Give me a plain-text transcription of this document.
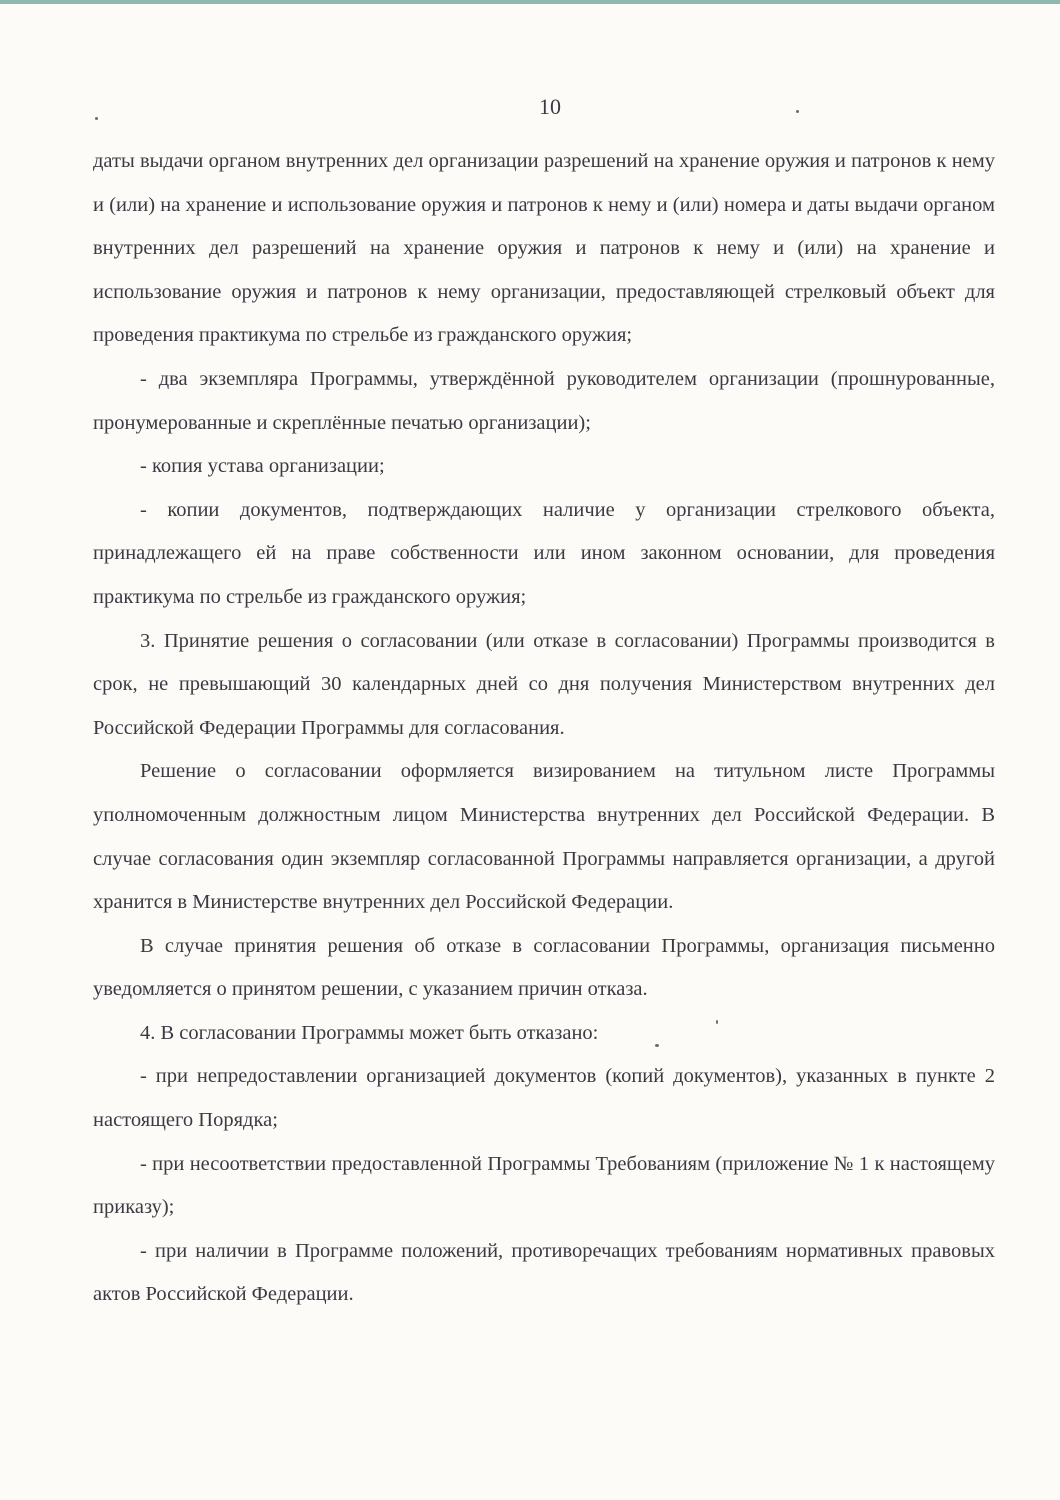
10

даты выдачи органом внутренних дел организации разрешений на хранение оружия и патронов к нему и (или) на хранение и использование оружия и патронов к нему и (или) номера и даты выдачи органом внутренних дел разрешений на хранение оружия и патронов к нему и (или) на хранение и использование оружия и патронов к нему организации, предоставляющей стрелковый объект для проведения практикума по стрельбе из гражданского оружия;

- два экземпляра Программы, утверждённой руководителем организации (прошнурованные, пронумерованные и скреплённые печатью организации);

- копия устава организации;

- копии документов, подтверждающих наличие у организации стрелкового объекта, принадлежащего ей на праве собственности или ином законном основании, для проведения практикума по стрельбе из гражданского оружия;

3. Принятие решения о согласовании (или отказе в согласовании) Программы производится в срок, не превышающий 30 календарных дней со дня получения Министерством внутренних дел Российской Федерации Программы для согласования.

Решение о согласовании оформляется визированием на титульном листе Программы уполномоченным должностным лицом Министерства внутренних дел Российской Федерации. В случае согласования один экземпляр согласованной Программы направляется организации, а другой хранится в Министерстве внутренних дел Российской Федерации.

В случае принятия решения об отказе в согласовании Программы, организация письменно уведомляется о принятом решении, с указанием причин отказа.

4. В согласовании Программы может быть отказано:

- при непредоставлении организацией документов (копий документов), указанных в пункте 2 настоящего Порядка;

- при несоответствии предоставленной Программы Требованиям (приложение № 1 к настоящему приказу);

- при наличии в Программе положений, противоречащих требованиям нормативных правовых актов Российской Федерации.
